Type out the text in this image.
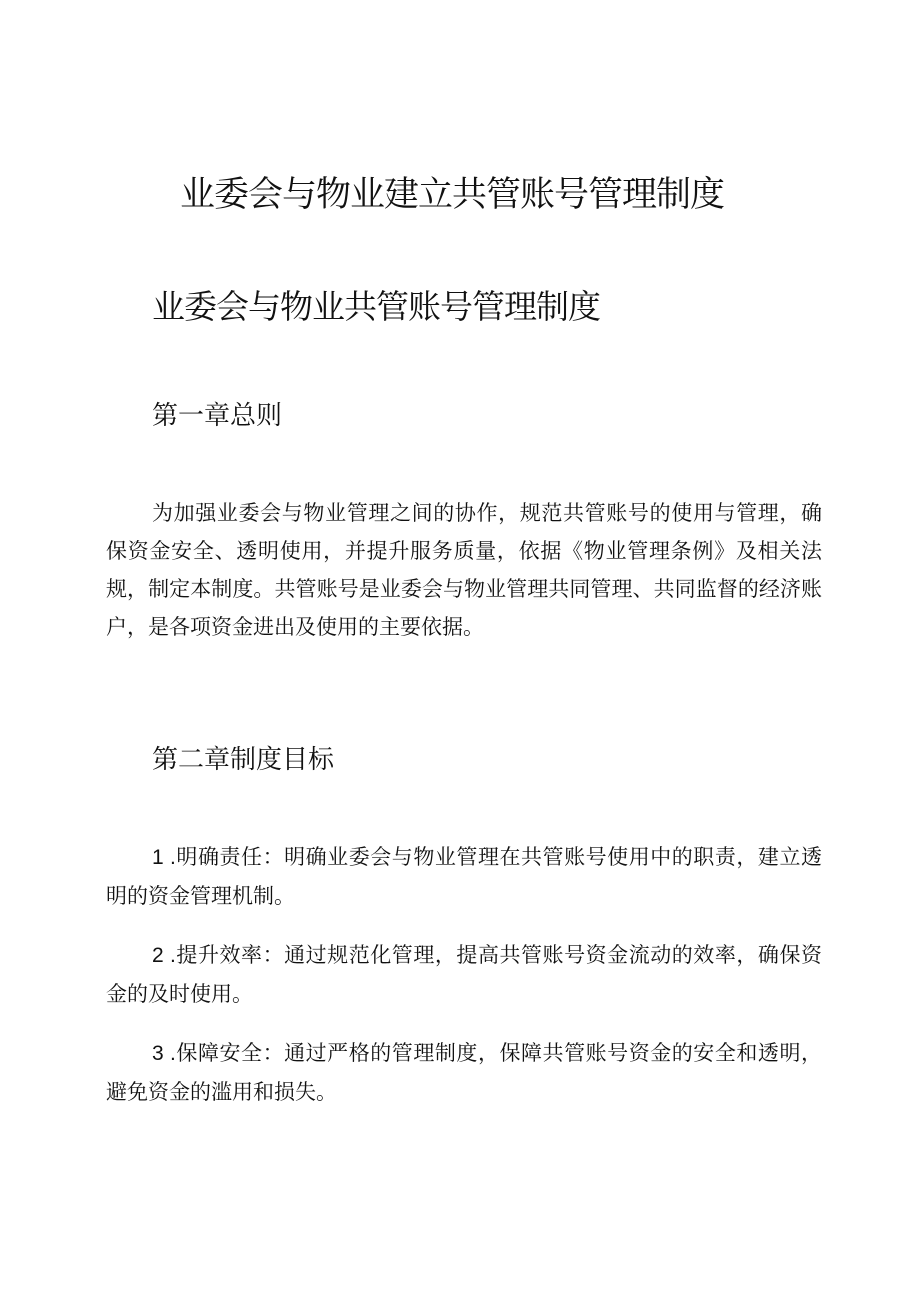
业委会与物业建立共管账号管理制度
业委会与物业共管账号管理制度
第一章总则

为加强业委会与物业管理之间的协作，规范共管账号的使用与管理，确保资金安全、透明使用，并提升服务质量，依据《物业管理条例》及相关法规，制定本制度。共管账号是业委会与物业管理共同管理、共同监督的经济账户，是各项资金进出及使用的主要依据。

第二章制度目标

1 .明确责任：明确业委会与物业管理在共管账号使用中的职责，建立透明的资金管理机制。

2 .提升效率：通过规范化管理，提高共管账号资金流动的效率，确保资金的及时使用。

3 .保障安全：通过严格的管理制度，保障共管账号资金的安全和透明，避免资金的滥用和损失。
